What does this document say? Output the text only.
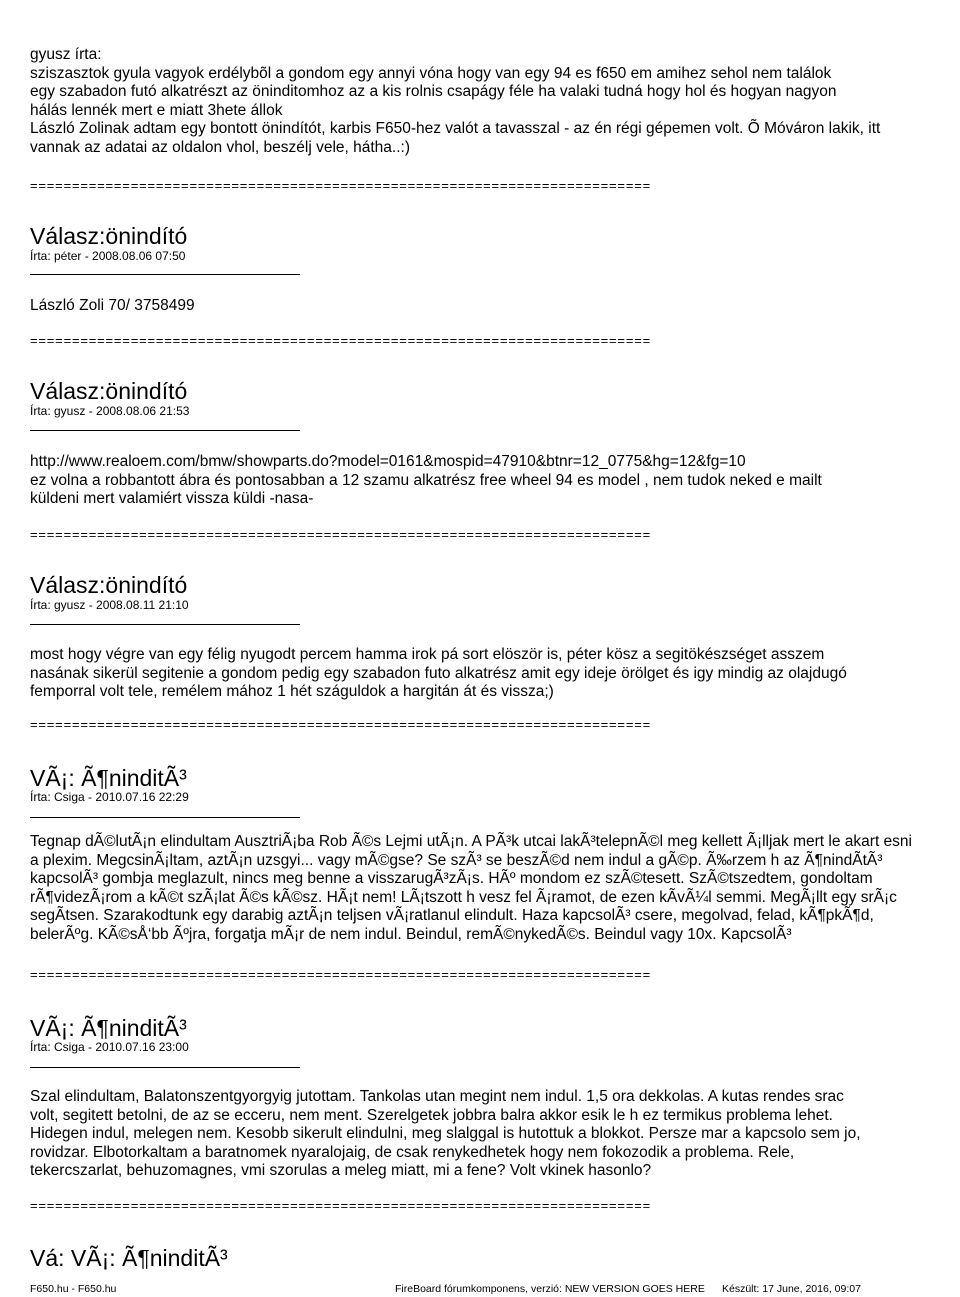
gyusz írta:
sziszasztok gyula vagyok erdélybõl a gondom egy annyi vóna hogy van egy 94 es f650 em amihez sehol nem találok
egy szabadon futó alkatrészt az öninditomhoz az a kis rolnis csapágy féle ha valaki tudná hogy hol és hogyan nagyon
hálás lennék mert e miatt 3hete állok
László Zolinak adtam egy bontott önindítót, karbis F650-hez valót a tavasszal - az én régi gépemen volt. Õ Móváron lakik, itt
vannak az adatai az oldalon vhol, beszélj vele, hátha..:)
==========================================================================
Válasz:önindító
Írta: péter - 2008.08.06 07:50
László Zoli 70/ 3758499
==========================================================================
Válasz:önindító
Írta: gyusz - 2008.08.06 21:53
http://www.realoem.com/bmw/showparts.do?model=0161&mospid=47910&btnr=12_0775&hg=12&fg=10
ez volna a robbantott ábra és pontosabban a 12 szamu alkatrész free wheel 94 es model , nem tudok neked e mailt
küldeni mert valamiért vissza küldi -nasa-
==========================================================================
Válasz:önindító
Írta: gyusz - 2008.08.11 21:10
most hogy végre van egy félig nyugodt percem hamma irok pá sort elöször is, péter kösz a segitökészséget asszem
nasának sikerül segitenie a gondom pedig egy szabadon futo alkatrész amit egy ideje örölget és igy mindig az olajdugó
femporral volt tele, remélem mához 1 hét száguldok a hargitán át és vissza;)
==========================================================================
VÃ¡: Ã¶ninditÃ³
Írta: Csiga - 2010.07.16 22:29
Tegnap dÃ©lutÃ¡n elindultam AusztriÃ¡ba Rob Ã©s Lejmi utÃ¡n. A PÃ³k utcai lakÃ³telepnÃ©l meg kellett Ã¡lljak mert le akart esni
a plexim. MegcsinÃ¡ltam, aztÃ¡n uzsgyi... vagy mÃ©gse? Se szÃ³ se beszÃ©d nem indul a gÃ©p. Ã‰rzem h az Ã¶nindÃtÃ³
kapcsolÃ³ gombja meglazult, nincs meg benne a visszarugÃ³zÃ¡s. HÃº mondom ez szÃ©tesett. SzÃ©tszedtem, gondoltam
rÃ¶videzÃ¡rom a kÃ©t szÃ¡lat Ã©s kÃ©sz. HÃ¡t nem! LÃ¡tszott h vesz fel Ã¡ramot, de ezen kÃvÃ¼l semmi. MegÃ¡llt egy srÃ¡c
segÃtsen. Szarakodtunk egy darabig aztÃ¡n teljsen vÃ¡ratlanul elindult. Haza kapcsolÃ³ csere, megolvad, felad, kÃ¶pkÃ¶d,
belerÃºg. KÃ©sÅ‘bb Ãºjra, forgatja mÃ¡r de nem indul. Beindul, remÃ©nykedÃ©s. Beindul vagy 10x. KapcsolÃ³
==========================================================================
VÃ¡: Ã¶ninditÃ³
Írta: Csiga - 2010.07.16 23:00
Szal elindultam, Balatonszentgyorgyig jutottam. Tankolas utan megint nem indul. 1,5 ora dekkolas. A kutas rendes srac
volt, segitett betolni, de az se ecceru, nem ment. Szerelgetek jobbra balra akkor esik le h ez termikus problema lehet.
Hidegen indul, melegen nem. Kesobb sikerult elindulni, meg slalggal is hutottuk a blokkot. Persze mar a kapcsolo sem jo,
rovidzar. Elbotorkaltam a baratnomek nyaralojaig, de csak renykedhetek hogy nem fokozodik a problema. Rele,
tekercszarlat, behuzomagnes, vmi szorulas a meleg miatt, mi a fene? Volt vkinek hasonlo?
==========================================================================
Vá: VÃ¡: Ã¶ninditÃ³
F650.hu - F650.hu	FireBoard fórumkomponens, verzió: NEW VERSION GOES HERE Készült: 17 June, 2016, 09:07
